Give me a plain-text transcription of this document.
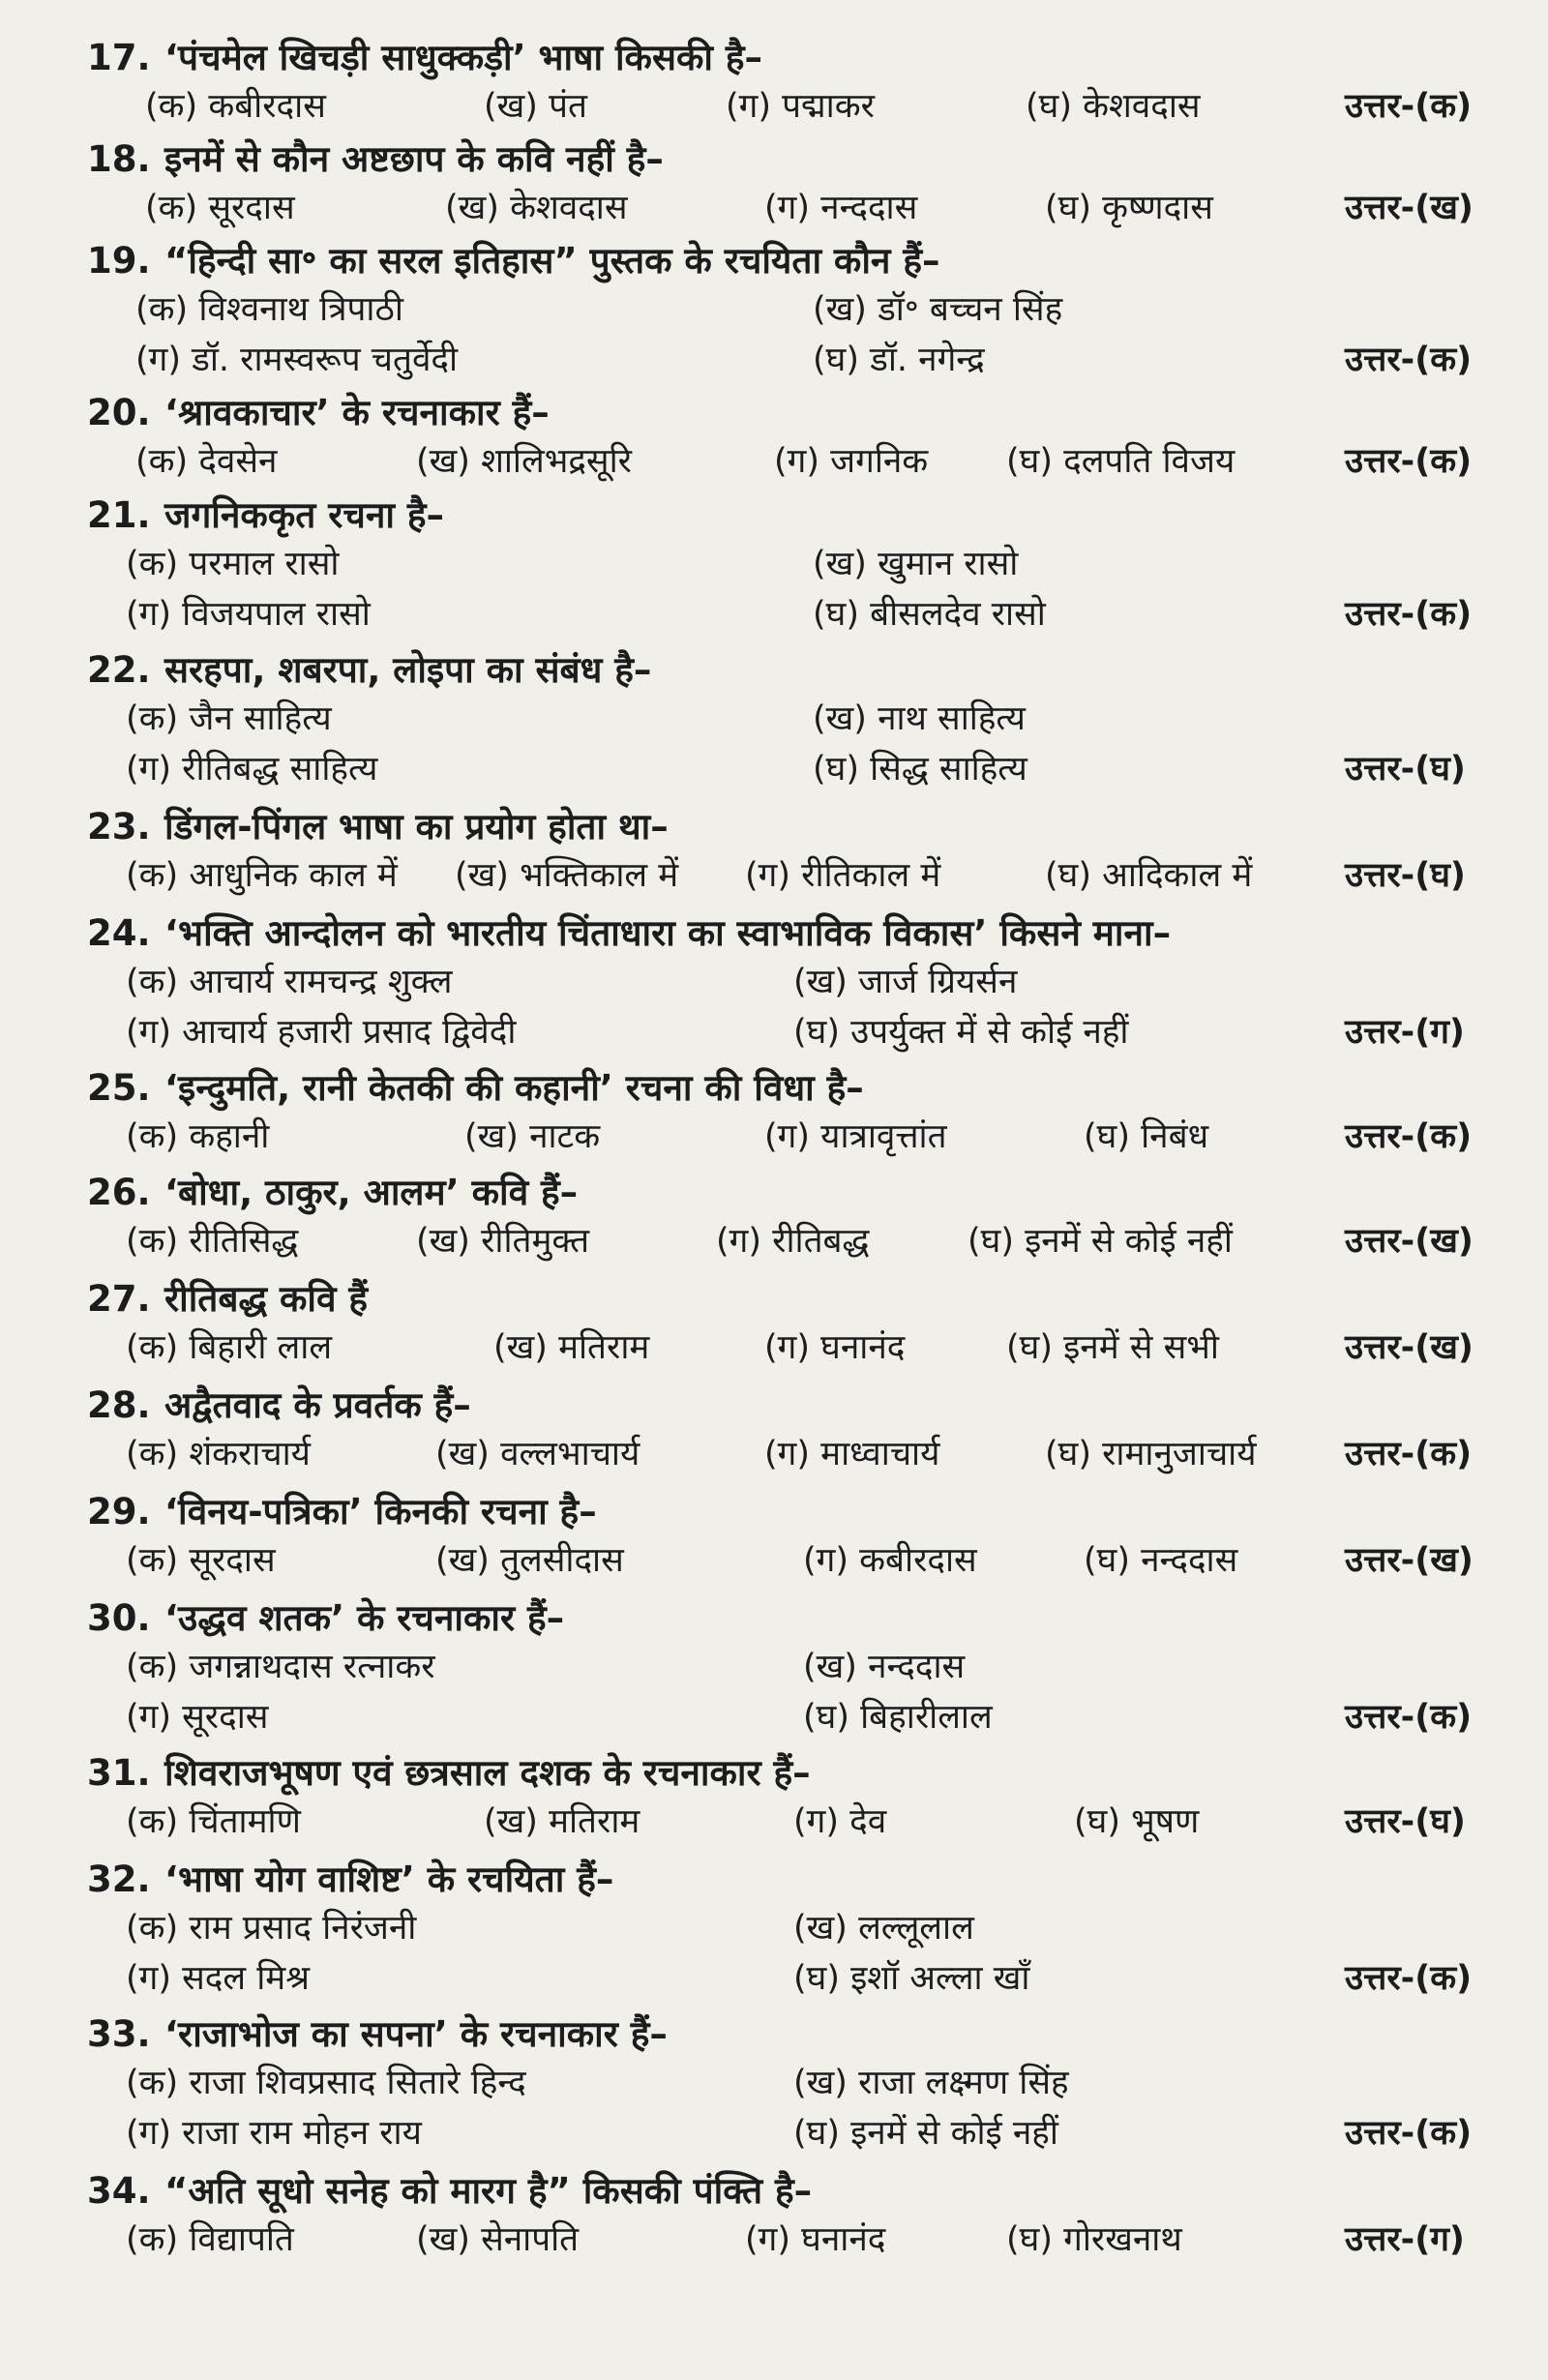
17. ‘पंचमेल खिचड़ी साधुक्कड़ी’ भाषा किसकी है–
(क) कबीरदास	(ख) पंत	(ग) पद्माकर	(घ) केशवदास	उत्तर-(क)
18. इनमें से कौन अष्टछाप के कवि नहीं है–
(क) सूरदास	(ख) केशवदास	(ग) नन्ददास	(घ) कृष्णदास	उत्तर-(ख)
19. “हिन्दी सा॰ का सरल इतिहास” पुस्तक के रचयिता कौन हैं–
(क) विश्वनाथ त्रिपाठी	(ख) डॉ॰ बच्चन सिंह
(ग) डॉ. रामस्वरूप चतुर्वेदी	(घ) डॉ. नगेन्द्र	उत्तर-(क)
20. ‘श्रावकाचार’ के रचनाकार हैं–
(क) देवसेन	(ख) शालिभद्रसूरि	(ग) जगनिक (घ) दलपति विजय	उत्तर-(क)
21. जगनिककृत रचना है–
(क) परमाल रासो	(ख) खुमान रासो
(ग) विजयपाल रासो	(घ) बीसलदेव रासो	उत्तर-(क)
22. सरहपा, शबरपा, लोइपा का संबंध है–
(क) जैन साहित्य	(ख) नाथ साहित्य
(ग) रीतिबद्ध साहित्य	(घ) सिद्ध साहित्य	उत्तर-(घ)
23. डिंगल-पिंगल भाषा का प्रयोग होता था–
(क) आधुनिक काल में (ख) भक्तिकाल में (ग) रीतिकाल में	(घ) आदिकाल में	उत्तर-(घ)
24. ‘भक्ति आन्दोलन को भारतीय चिंताधारा का स्वाभाविक विकास’ किसने माना–
(क) आचार्य रामचन्द्र शुक्ल	(ख) जार्ज ग्रियर्सन
(ग) आचार्य हजारी प्रसाद द्विवेदी	(घ) उपर्युक्त में से कोई नहीं	उत्तर-(ग)
25. ‘इन्दुमति, रानी केतकी की कहानी’ रचना की विधा है–
(क) कहानी	(ख) नाटक	(ग) यात्रावृत्तांत	(घ) निबंध	उत्तर-(क)
26. ‘बोधा, ठाकुर, आलम’ कवि हैं–
(क) रीतिसिद्ध	(ख) रीतिमुक्त	(ग) रीतिबद्ध	(घ) इनमें से कोई नहीं	उत्तर-(ख)
27. रीतिबद्ध कवि हैं
(क) बिहारी लाल	(ख) मतिराम	(ग) घनानंद	(घ) इनमें से सभी	उत्तर-(ख)
28. अद्वैतवाद के प्रवर्तक हैं–
(क) शंकराचार्य	(ख) वल्लभाचार्य	(ग) माध्वाचार्य	(घ) रामानुजाचार्य	उत्तर-(क)
29. ‘विनय-पत्रिका’ किनकी रचना है–
(क) सूरदास	(ख) तुलसीदास	(ग) कबीरदास	(घ) नन्ददास	उत्तर-(ख)
30. ‘उद्धव शतक’ के रचनाकार हैं–
(क) जगन्नाथदास रत्नाकर	(ख) नन्ददास
(ग) सूरदास	(घ) बिहारीलाल	उत्तर-(क)
31. शिवराजभूषण एवं छत्रसाल दशक के रचनाकार हैं–
(क) चिंतामणि	(ख) मतिराम	(ग) देव	(घ) भूषण	उत्तर-(घ)
32. ‘भाषा योग वाशिष्ट’ के रचयिता हैं–
(क) राम प्रसाद निरंजनी	(ख) लल्लूलाल
(ग) सदल मिश्र	(घ) इशॉ अल्ला खाँ	उत्तर-(क)
33. ‘राजाभोज का सपना’ के रचनाकार हैं–
(क) राजा शिवप्रसाद सितारे हिन्द	(ख) राजा लक्ष्मण सिंह
(ग) राजा राम मोहन राय	(घ) इनमें से कोई नहीं	उत्तर-(क)
34. “अति सूधो सनेह को मारग है” किसकी पंक्ति है–
(क) विद्यापति	(ख) सेनापति	(ग) घनानंद	(घ) गोरखनाथ	उत्तर-(ग)
